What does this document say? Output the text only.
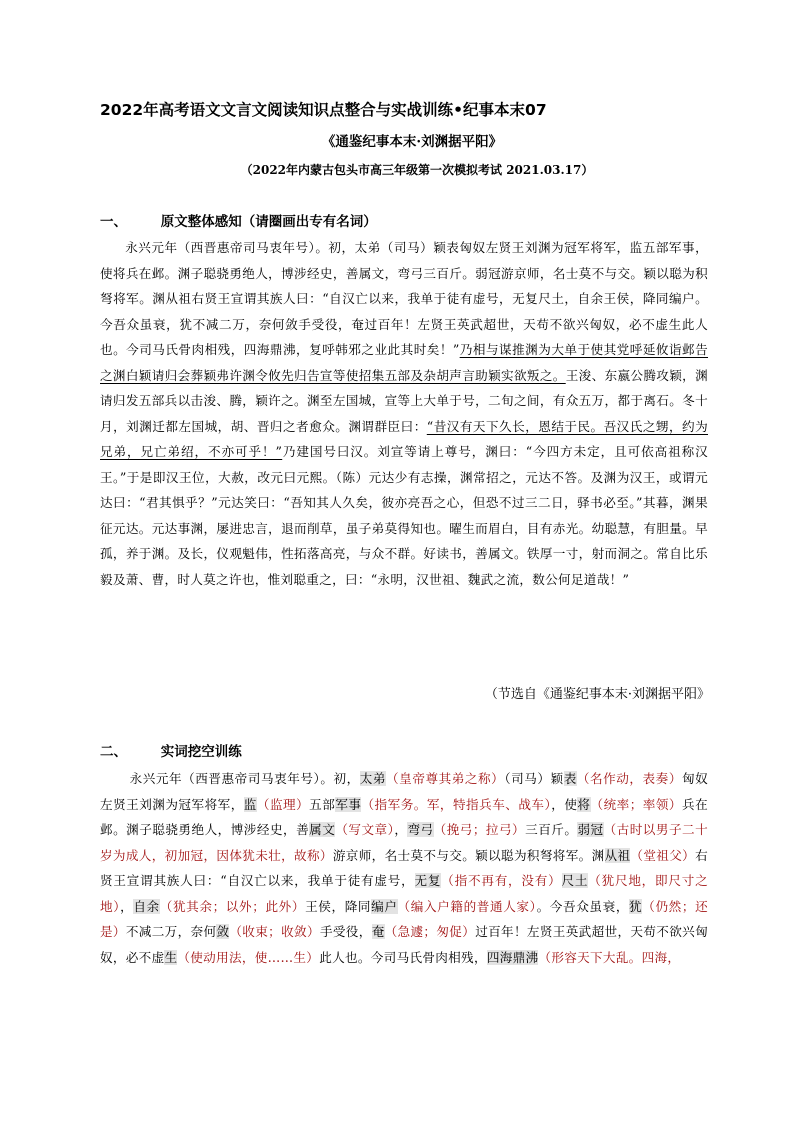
2022年高考语文文言文阅读知识点整合与实战训练•纪事本末07
《通鉴纪事本末·刘渊据平阳》
（2022年内蒙古包头市高三年级第一次模拟考试 2021.03.17）
一、 原文整体感知（请圈画出专有名词）
永兴元年（西晋惠帝司马衷年号）。初，太弟（司马）颖表匈奴左贤王刘渊为冠军将军，监五部军事，使将兵在邺。渊子聪骁勇绝人，博涉经史，善属文，弯弓三百斤。弱冠游京师，名士莫不与交。颖以聪为积弩将军。渊从祖右贤王宣谓其族人曰：“自汉亡以来，我单于徒有虚号，无复尺土，自余王侯，降同编户。今吾众虽衰，犹不减二万，奈何敛手受役，奄过百年！左贤王英武超世，天苟不欲兴匈奴，必不虚生此人也。今司马氏骨肉相残，四海鼎沸，复呼韩邪之业此其时矣！”乃相与谋推渊为大单于使其党呼延攸诣邺告之渊白颖请归会葬颖弗许渊令攸先归告宣等使招集五部及杂胡声言助颖实欲叛之。王浚、东嬴公腾攻颖，渊请归发五部兵以击浚、腾，颖许之。渊至左国城，宣等上大单于号，二旬之间，有众五万，都于离石。冬十月，刘渊迁都左国城，胡、晋归之者愈众。渊谓群臣曰：“昔汉有天下久长，恩结于民。吾汉氏之甥，约为兄弟，兄亡弟绍，不亦可乎！”乃建国号曰汉。刘宣等请上尊号，渊曰：“今四方未定，且可依高祖称汉王。”于是即汉王位，大赦，改元曰元熙。（陈）元达少有志操，渊常招之，元达不答。及渊为汉王，或谓元达曰：“君其惧乎？”元达笑曰：“吾知其人久矣，彼亦亮吾之心，但恐不过三二日，驿书必至。”其暮，渊果征元达。元达事渊，屡进忠言，退而削草，虽子弟莫得知也。曜生而眉白，目有赤光。幼聪慧，有胆量。早孤，养于渊。及长，仪观魁伟，性拓落高亮，与众不群。好读书，善属文。铁厚一寸，射而洞之。常自比乐毅及萧、曹，时人莫之许也，惟刘聪重之，曰：“永明，汉世祖、魏武之流，数公何足道哉！”
（节选自《通鉴纪事本末·刘渊据平阳》
二、 实词挖空训练
永兴元年（西晋惠帝司马衷年号）。初，太弟（皇帝尊其弟之称）（司马）颖表（名作动，表奏）匈奴左贤王刘渊为冠军将军，监（监理）五部军事（指军务。军，特指兵车、战车），使将（统率；率领）兵在邺。渊子聪骁勇绝人，博涉经史，善属文（写文章），弯弓（挽弓；拉弓）三百斤。弱冠（古时以男子二十岁为成人，初加冠，因体犹未壮，故称）游京师，名士莫不与交。颖以聪为积弩将军。渊从祖（堂祖父）右贤王宣谓其族人曰：“自汉亡以来，我单于徒有虚号，无复（指不再有，没有）尺土（犹尺地，即尺寸之地），自余（犹其余；以外；此外）王侯，降同编户（编入户籍的普通人家）。今吾众虽衰，犹（仍然；还是）不减二万，奈何敛（收束；收敛）手受役，奄（急遽；匆促）过百年！左贤王英武超世，天苟不欲兴匈奴，必不虚生（使动用法，使……生）此人也。今司马氏骨肉相残，四海鼎沸（形容天下大乱。四海，
